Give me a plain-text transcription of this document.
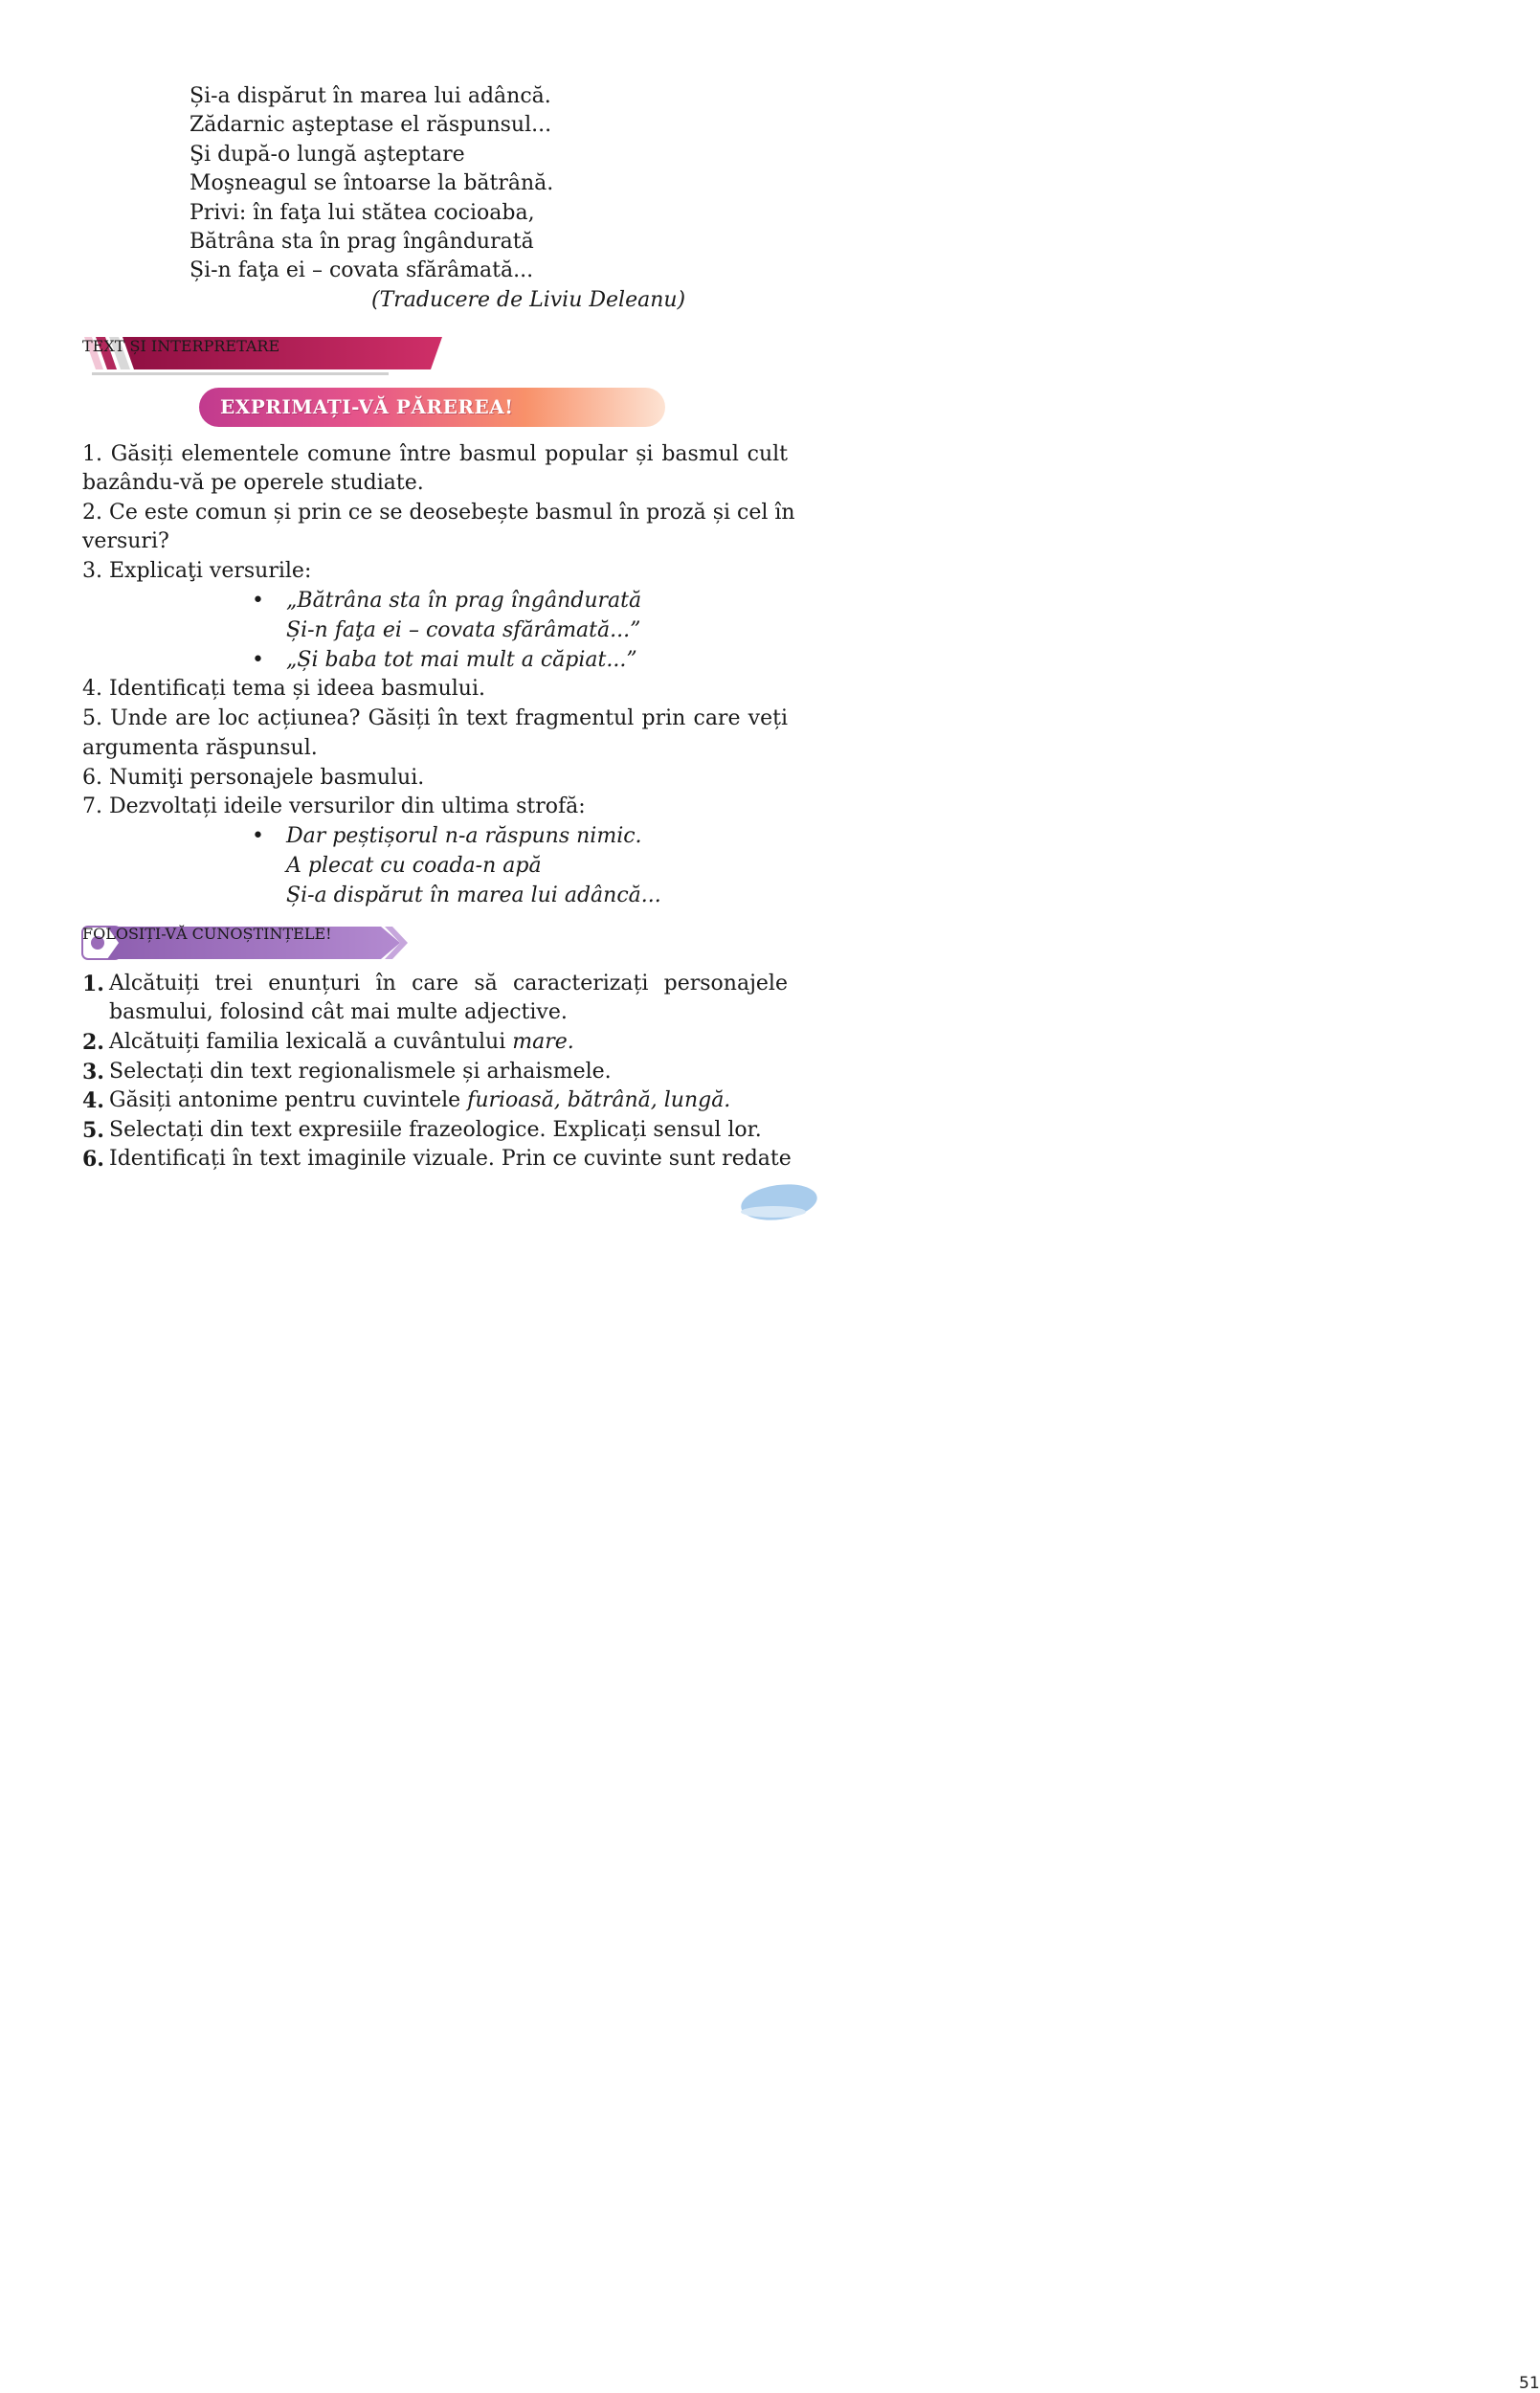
Și-a dispărut în marea lui adâncă.
Zădarnic aşteptase el răspunsul...
Şi după-o lungă aşteptare
Moşneagul se întoarse la bătrână.
Privi: în faţa lui stătea cocioaba,
Bătrâna sta în prag îngândurată
Și-n faţa ei – covata sfărâmată...
(Traducere de Liviu Deleanu)
TEXT ȘI INTERPRETARE
EXPRIMAȚI-VĂ PĂREREA!
1. Găsiți elementele comune între basmul popular și basmul cult
bazându-vă pe operele studiate.
2. Ce este comun și prin ce se deosebește basmul în proză și cel în
versuri?
3. Explicaţi versurile:
• „Bătrâna sta în prag îngândurată
Și-n faţa ei – covata sfărâmată...”
• „Și baba tot mai mult a căpiat...”
4. Identificați tema și ideea basmului.
5. Unde are loc acțiunea? Găsiți în text fragmentul prin care veți
argumenta răspunsul.
6. Numiţi personajele basmului.
7. Dezvoltați ideile versurilor din ultima strofă:
• Dar peștișorul n-a răspuns nimic.
A plecat cu coada-n apă
Și-a dispărut în marea lui adâncă...
FOLOSIȚI-VĂ CUNOȘTINȚELE!
1. Alcătuiți trei enunțuri în care să caracterizați personajele
basmului, folosind cât mai multe adjective.
2. Alcătuiți familia lexicală a cuvântului mare.
3. Selectați din text regionalismele și arhaismele.
4. Găsiți antonime pentru cuvintele furioasă, bătrână, lungă.
5. Selectați din text expresiile frazeologice. Explicați sensul lor.
6. Identificați în text imaginile vizuale. Prin ce cuvinte sunt redate
51
